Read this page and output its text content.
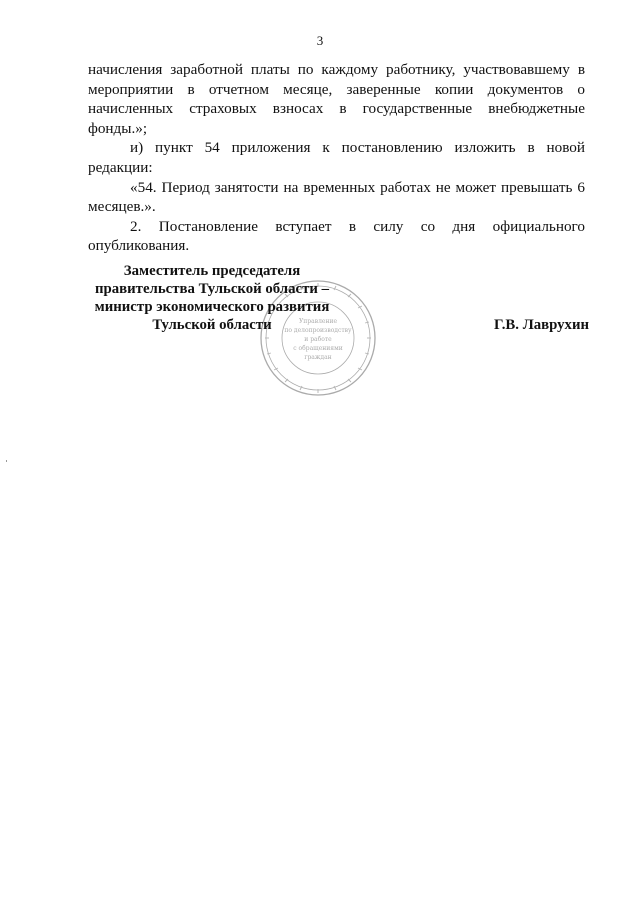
3

начисления заработной платы по каждому работнику, участвовавшему в мероприятии в отчетном месяце, заверенные копии документов о начисленных страховых взносах в государственные внебюджетные фонды.»;

и) пункт 54 приложения к постановлению изложить в новой редакции:

«54. Период занятости на временных работах не может превышать 6 месяцев.».

2. Постановление вступает в силу со дня официального опубликования.

Управление
по делопроизводству
и работе
с обращениями
граждан
Заместитель председателя
правительства Тульской области –
министр экономического развития
Тульской области	Г.В. Лаврухин
